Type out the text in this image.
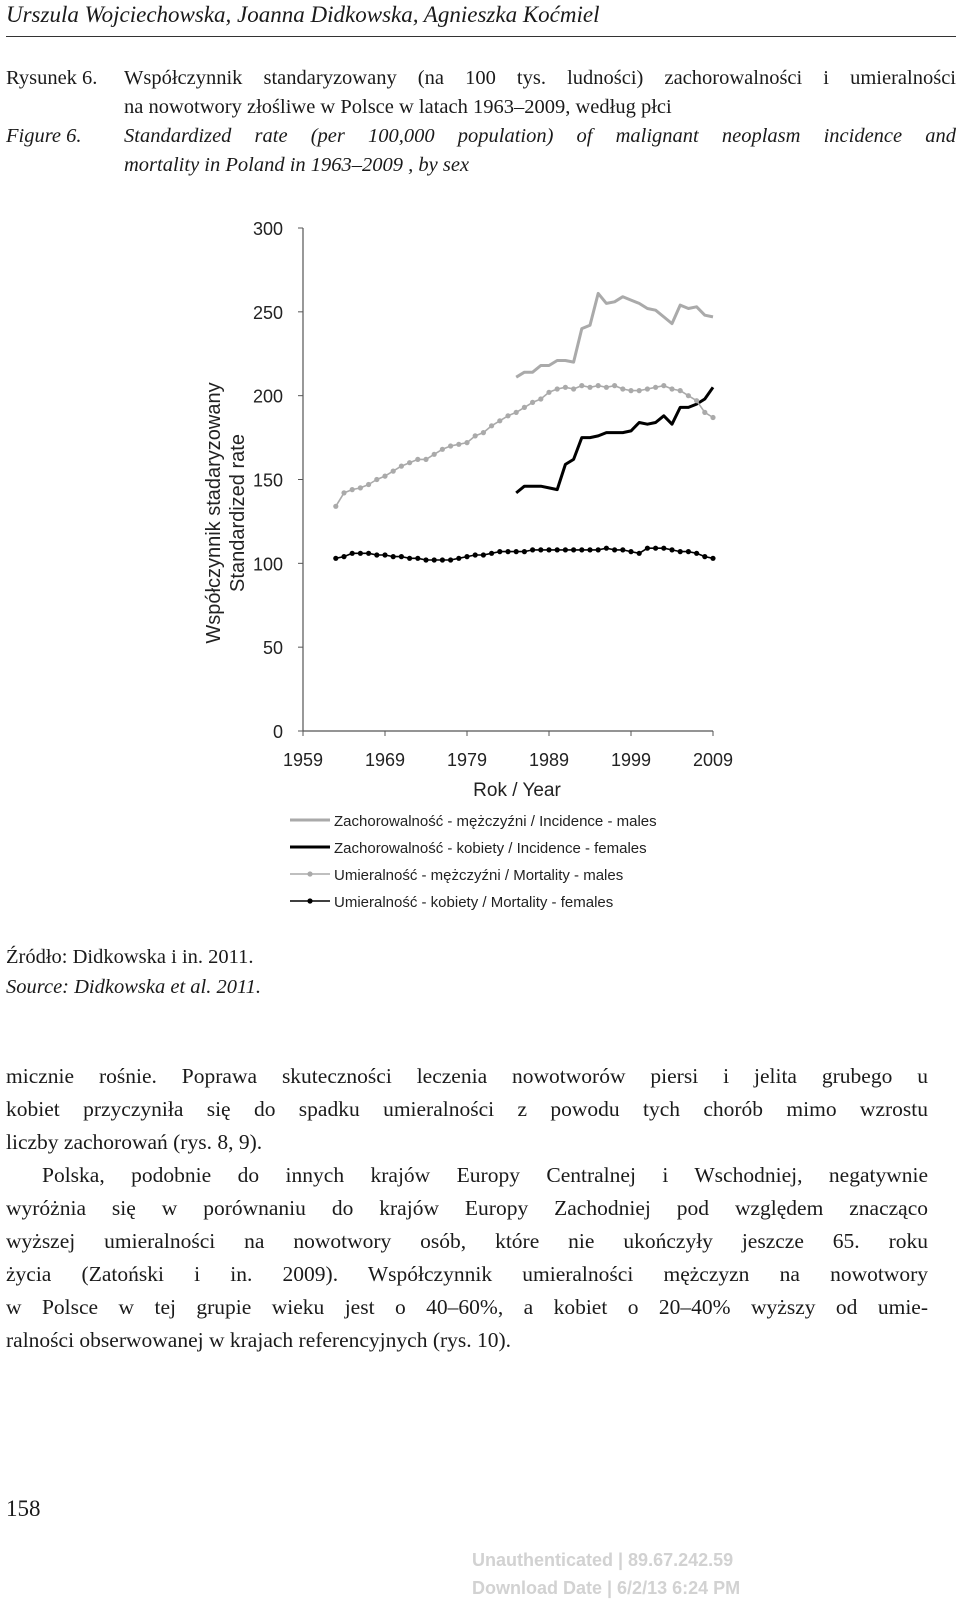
Urszula Wojciechowska, Joanna Didkowska, Agnieszka Koćmiel
Rysunek 6. Współczynnik standaryzowany (na 100 tys. ludności) zachorowalności i umieralności
na nowotwory złośliwe w Polsce w latach 1963–2009, według płci
Figure 6. Standardized rate (per 100,000 population) of malignant neoplasm incidence and
mortality in Poland in 1963–2009 , by sex
Współczynnik stadaryzowany Standardized rate
0
50
100
150
200
250
300
1959 1969 1979 1989 1999 2009
Rok / Year
Zachorowalność - mężczyźni / Incidence - males
Zachorowalność - kobiety / Incidence - females
Umieralność - mężczyźni / Mortality - males
Umieralność - kobiety / Mortality - females
Źródło: Didkowska i in. 2011.
Source: Didkowska et al. 2011.
micznie rośnie. Poprawa skuteczności leczenia nowotworów piersi i jelita grubego u
kobiet przyczyniła się do spadku umieralności z powodu tych chorób mimo wzrostu
liczby zachorowań (rys. 8, 9).
Polska, podobnie do innych krajów Europy Centralnej i Wschodniej, negatywnie
wyróżnia się w porównaniu do krajów Europy Zachodniej pod względem znacząco
wyższej umieralności na nowotwory osób, które nie ukończyły jeszcze 65. roku
życia (Zatoński i in. 2009). Współczynnik umieralności mężczyzn na nowotwory
w Polsce w tej grupie wieku jest o 40–60%, a kobiet o 20–40% wyższy od umie-
ralności obserwowanej w krajach referencyjnych (rys. 10).
158
Unauthenticated | 89.67.242.59
Download Date | 6/2/13 6:24 PM
